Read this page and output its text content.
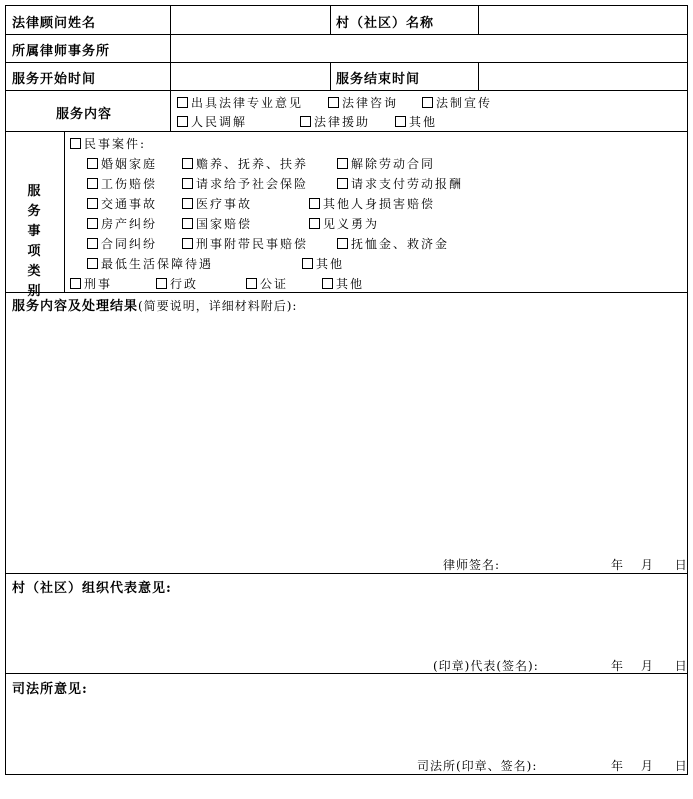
法律顾问姓名	村（社区）名称
所属律师事务所
服务开始时间	服务结束时间
服务内容
出具法律专业意见	法律咨询	法制宣传
人民调解	法律援助	其他
服务
事项
类别
民事案件:
婚姻家庭	赡养、抚养、扶养	解除劳动合同
工伤赔偿	请求给予社会保险	请求支付劳动报酬
交通事故	医疗事故	其他人身损害赔偿
房产纠纷	国家赔偿	见义勇为
合同纠纷	刑事附带民事赔偿	抚恤金、救济金
最低生活保障待遇	其他
刑事	行政	公证	其他
服务内容及处理结果(简要说明，详细材料附后):
律师签名:	年 月 日
村（社区）组织代表意见:
(印章)代表(签名):	年 月 日
司法所意见:
司法所(印章、签名):	年 月 日
